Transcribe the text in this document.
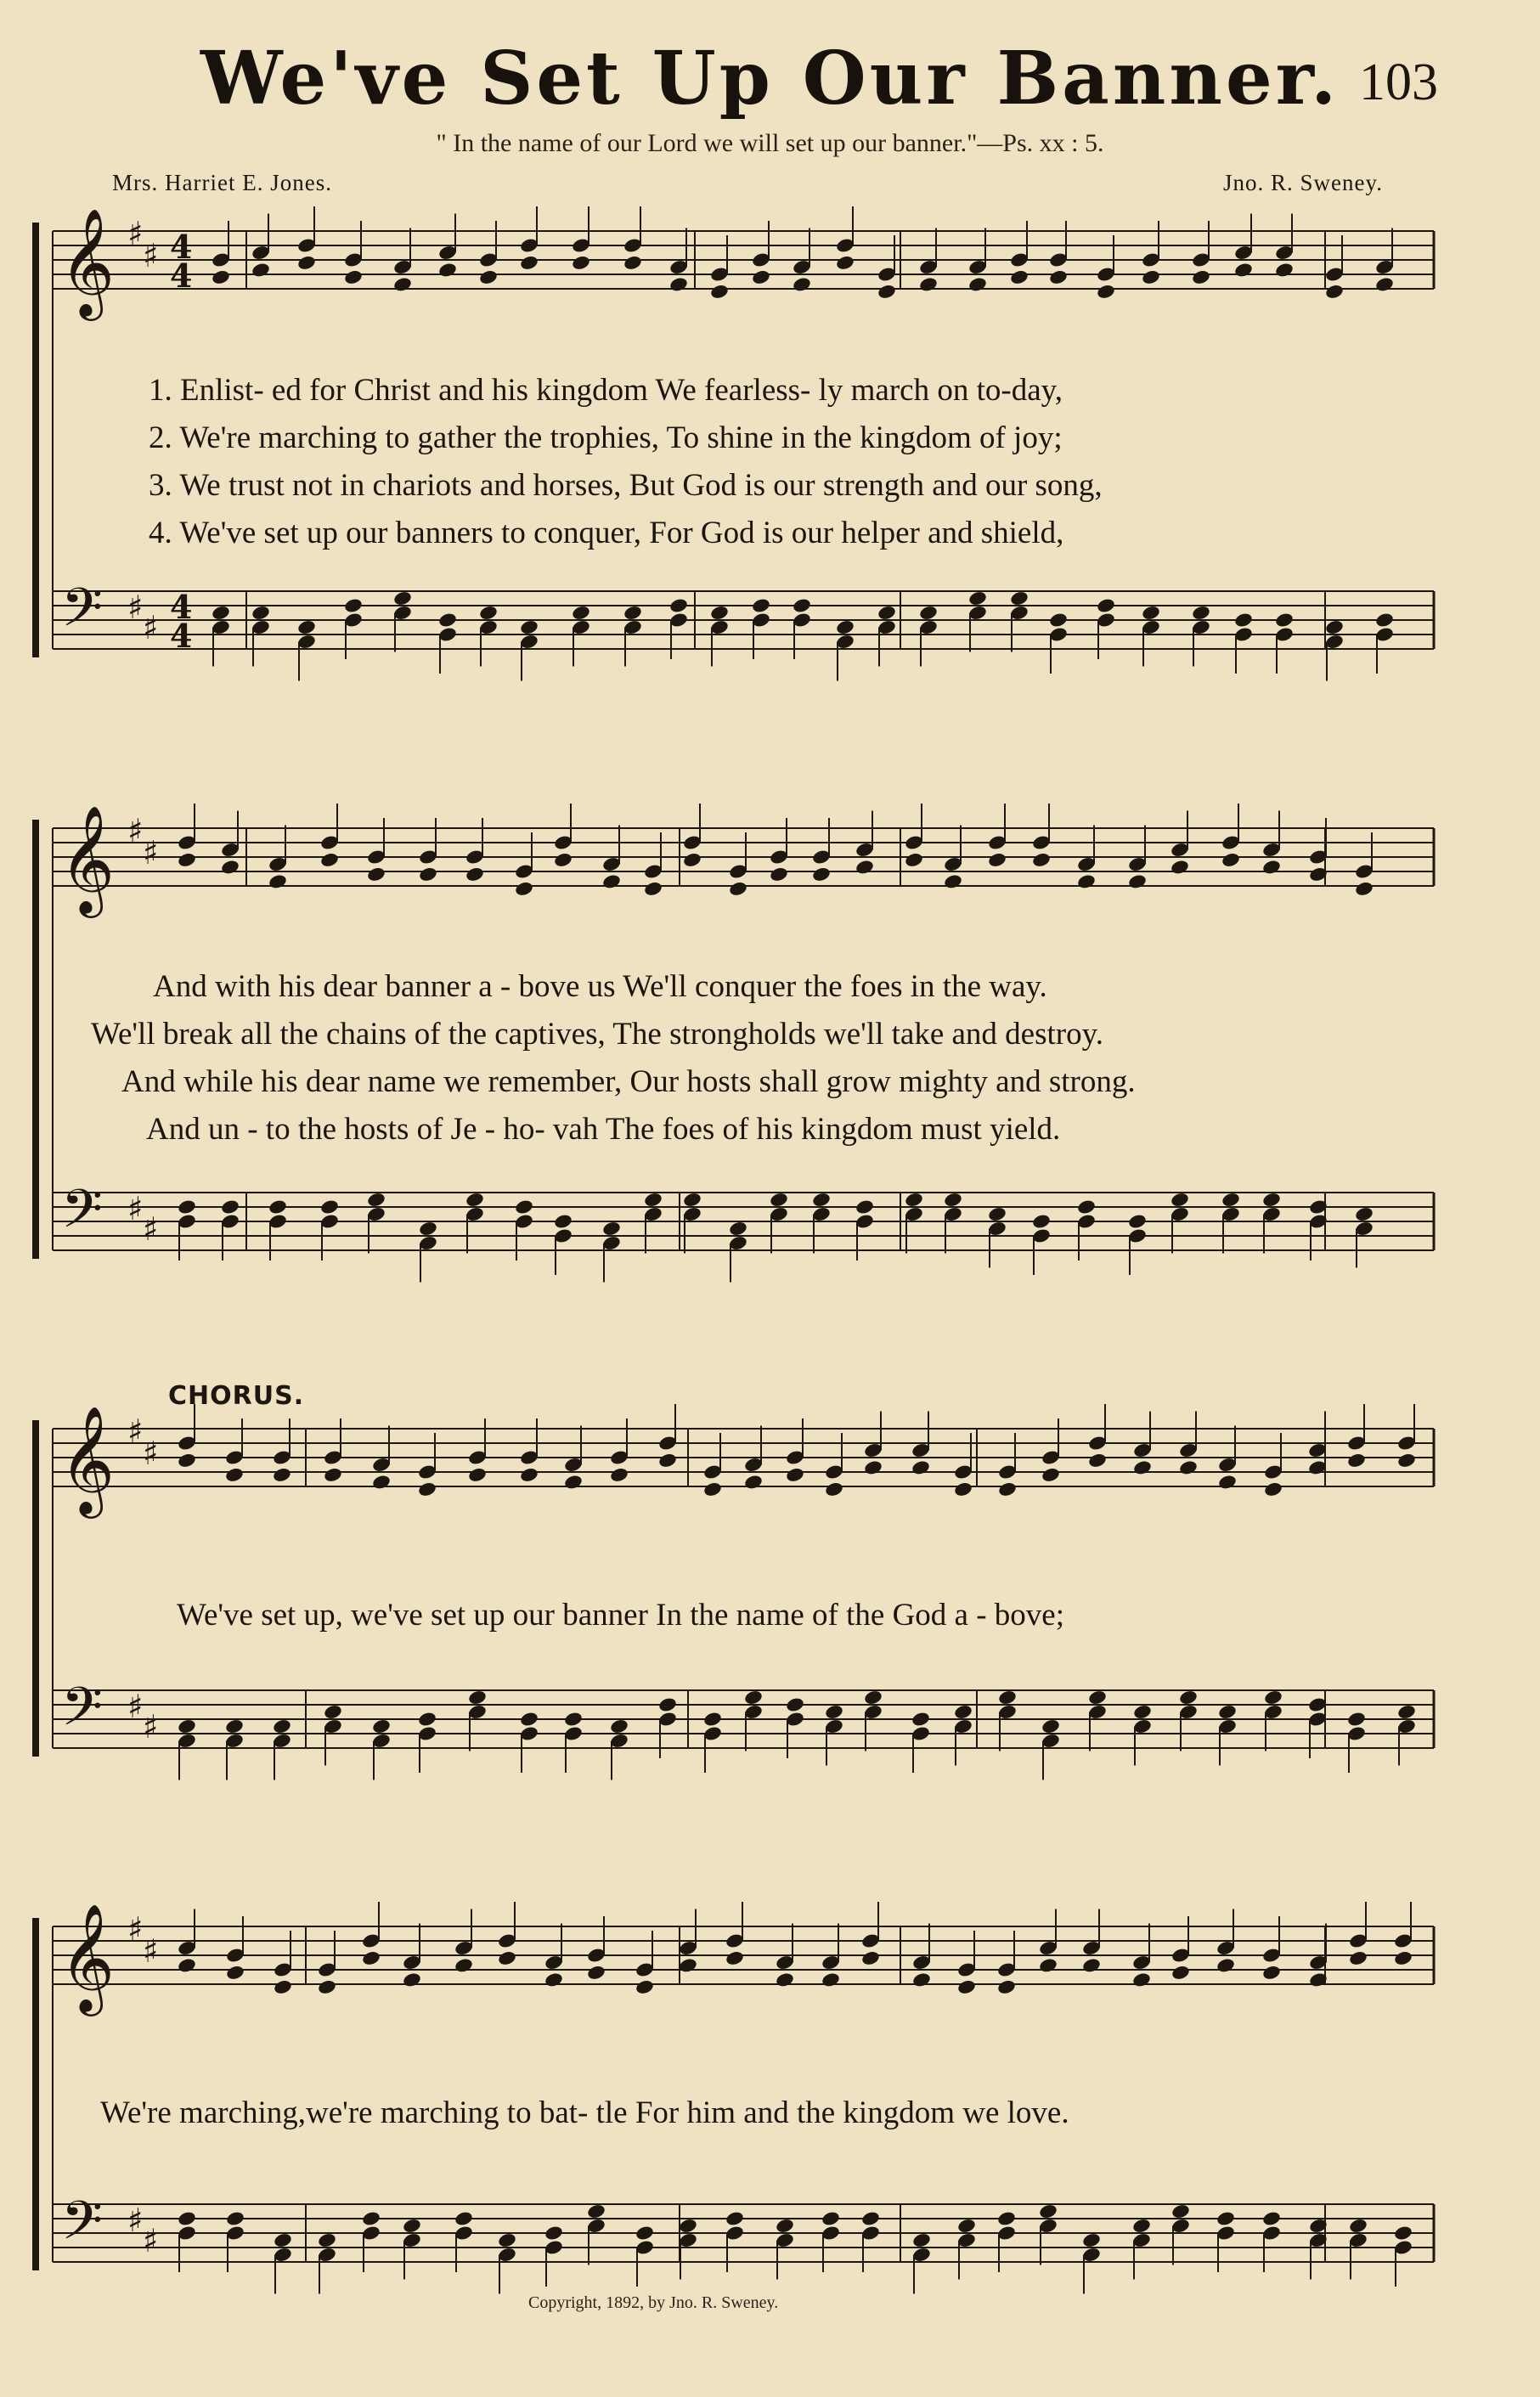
We've Set Up Our Banner. 103
" In the name of our Lord we will set up our banner."—Ps. xx : 5.
Mrs. Harriet E. Jones.	Jno. R. Sweney.
𝄞
𝄢
♯
♯
♯
♯
4
4
4
4
𝄞
𝄢
♯
♯
♯
♯
𝄞
𝄢
♯
♯
♯
♯
𝄞
𝄢
♯
♯
♯
♯
1. Enlist- ed for Christ and his kingdom We fearless- ly march on to-day,
2. We're marching to gather the trophies, To shine in the kingdom of joy;
3. We trust not in chariots and horses, But God is our strength and our song,
4. We've set up our banners to conquer, For God is our helper and shield,
And with his dear banner a - bove us We'll conquer the foes in the way.
We'll break all the chains of the captives, The strongholds we'll take and destroy.
And while his dear name we remember, Our hosts shall grow mighty and strong.
And un - to the hosts of Je - ho- vah The foes of his kingdom must yield.
CHORUS.
We've set up, we've set up our banner In the name of the God a - bove;
We're marching,we're marching to bat- tle For him and the kingdom we love.
Copyright, 1892, by Jno. R. Sweney.
